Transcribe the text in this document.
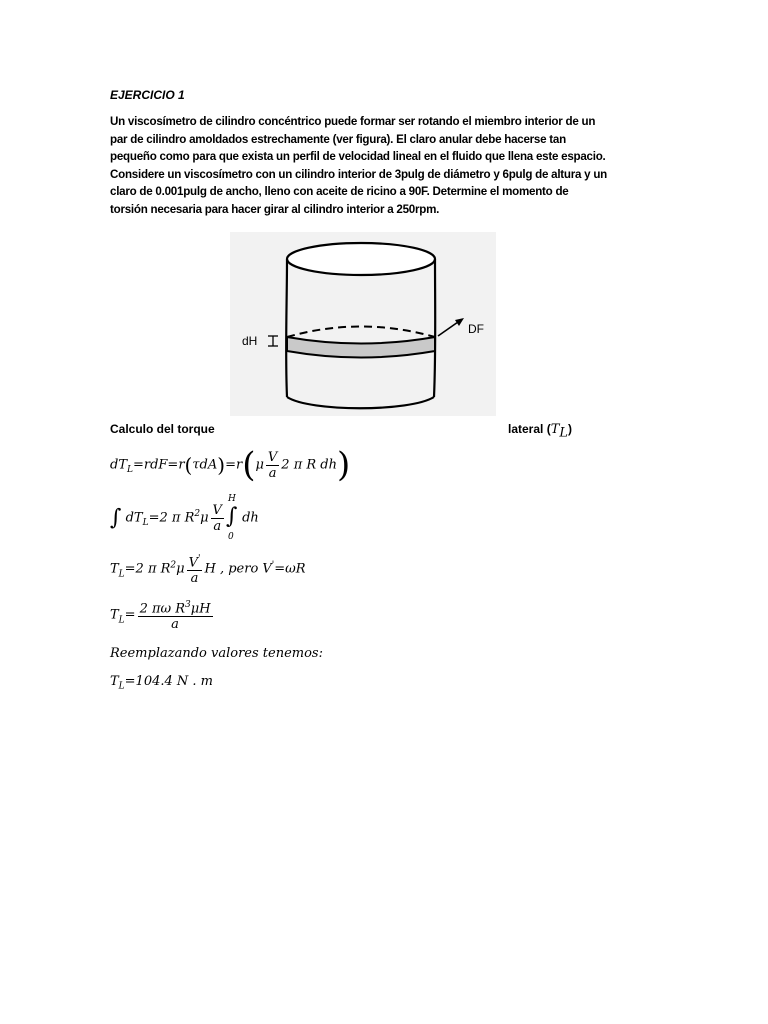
EJERCICIO 1
Un viscosímetro de cilindro concéntrico puede formar ser rotando el miembro interior de un
par de cilindro amoldados estrechamente (ver figura). El claro anular debe hacerse tan
pequeño como para que exista un perfil de velocidad lineal en el fluido que llena este espacio.
Considere un viscosímetro con un cilindro interior de 3pulg de diámetro y 6pulg de altura y un
claro de 0.001pulg de ancho, lleno con aceite de ricino a 90F. Determine el momento de
torsión necesaria para hacer girar al cilindro interior a 250rpm.
dH
DF
Calculo del torque	lateral $(T_L)$
$dT_L=rdF=r(\tau dA)=r(\mu \frac{V}{a} 2$ π R dh)
∫ $dT_L=2$ π $R^2\mu \frac{V}{a}$
H
∫
0
dh
$T_L=2$ π $R^2\mu \frac{V'}{a}$ H , pero V'=ωR
$T_L= \frac{2 \pi\omega R^3\mu H}{a}$
Reemplazando valores tenemos:
$T_L=104.4$ N . m
